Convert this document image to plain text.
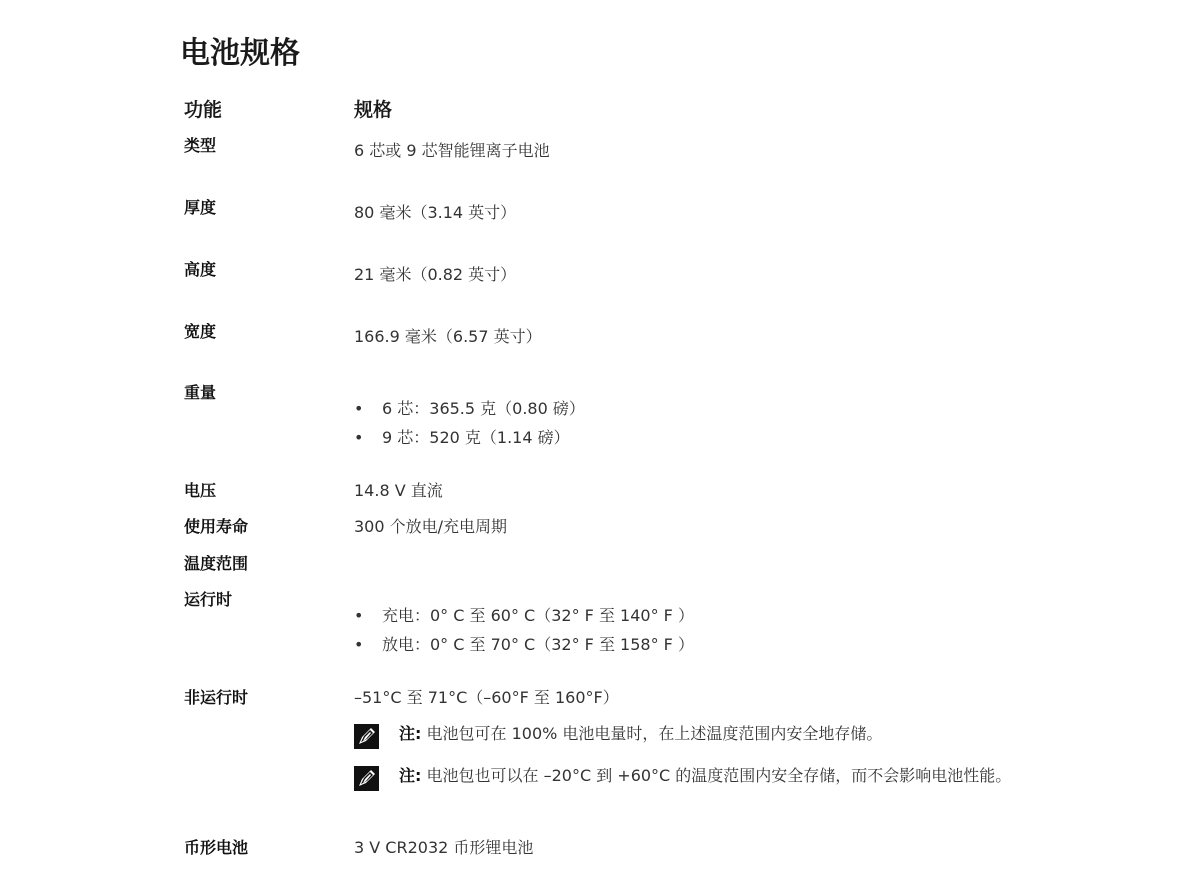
电池规格
功能	规格
类型	6 芯或 9 芯智能锂离子电池
厚度	80 毫米（3.14 英寸）
高度	21 毫米（0.82 英寸）
宽度	166.9 毫米（6.57 英寸）
重量
• 6 芯：365.5 克（0.80 磅）
• 9 芯：520 克（1.14 磅）
电压	14.8 V 直流
使用寿命	300 个放电/充电周期
温度范围
运行时
• 充电：0° C 至 60° C（32° F 至 140° F ）
• 放电：0° C 至 70° C（32° F 至 158° F ）
非运行时	–51°C 至 71°C（–60°F 至 160°F）
注: 电池包可在 100% 电池电量时，在上述温度范围内安全地存储。
注: 电池包也可以在 –20°C 到 +60°C 的温度范围内安全存储，而不会影响电池性能。
币形电池	3 V CR2032 币形锂电池
